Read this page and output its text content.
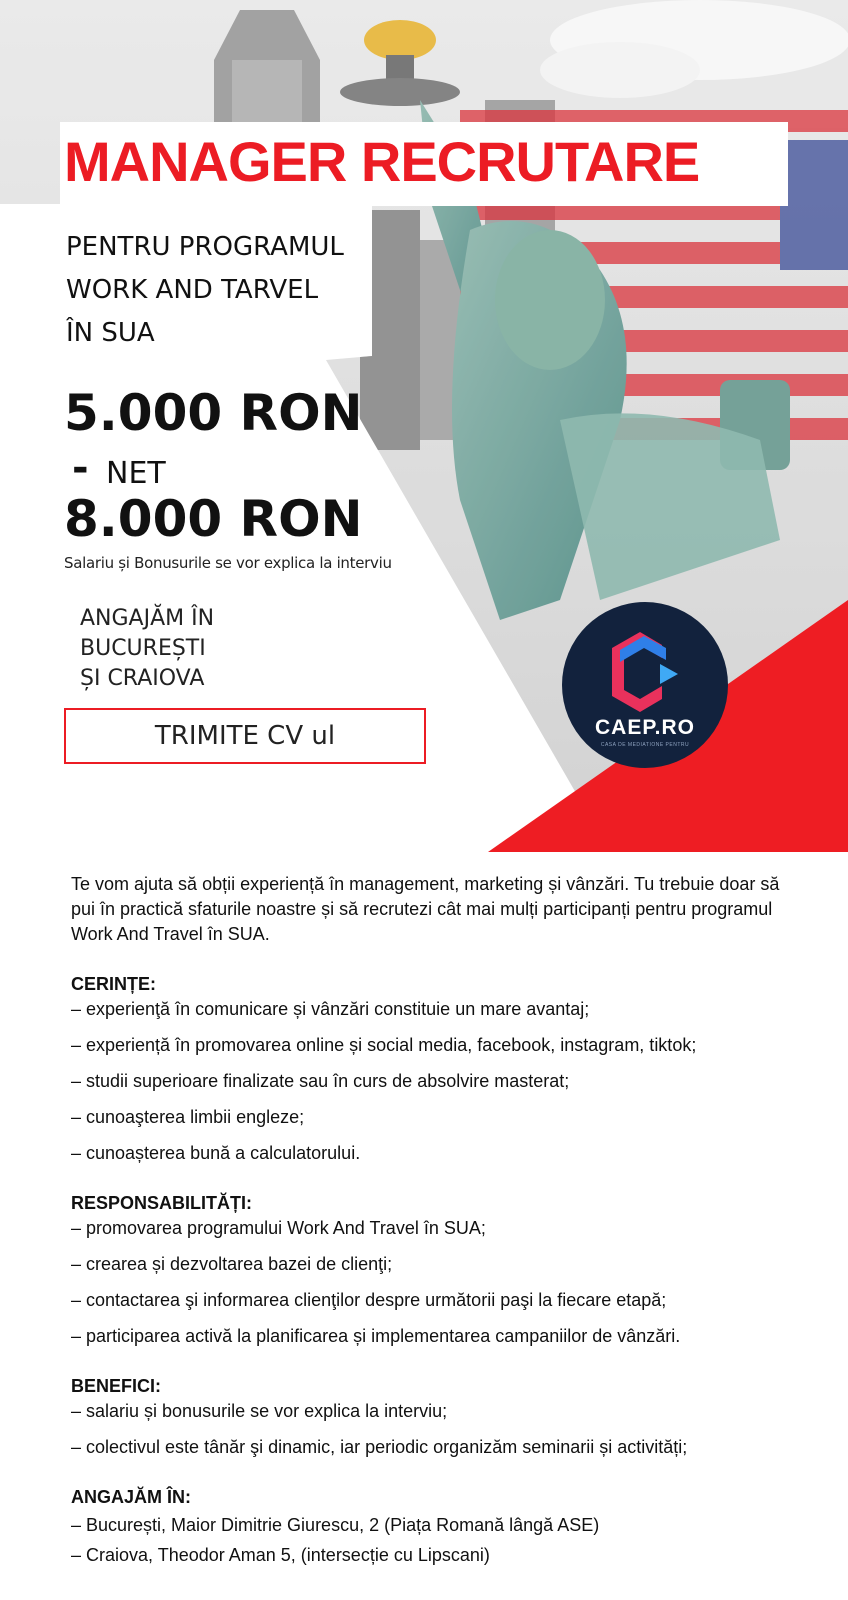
MANAGER RECRUTARE
PENTRU PROGRAMUL
WORK AND TARVEL
ÎN SUA
5.000 RON
- NET
8.000 RON
Salariu și Bonusurile se vor explica la interviu
ANGAJĂM ÎN
BUCUREȘTI
ȘI CRAIOVA
TRIMITE CV ul	CAEP.RO
CASA DE MEDIATIONE PENTRU

Te vom ajuta să obții experiență în management, marketing și vânzări. Tu trebuie doar să pui în practică sfaturile noastre și să recrutezi cât mai mulți participanți pentru programul Work And Travel în SUA.

CERINȚE:

– experienţă în comunicare și vânzări constituie un mare avantaj;

– experiență în promovarea online și social media, facebook, instagram, tiktok;

– studii superioare finalizate sau în curs de absolvire masterat;

– cunoaşterea limbii engleze;

– cunoașterea bună a calculatorului.

RESPONSABILITĂȚI:

– promovarea programului Work And Travel în SUA;

– crearea și dezvoltarea bazei de clienţi;

– contactarea şi informarea clienţilor despre următorii paşi la fiecare etapă;

– participarea activă la planificarea și implementarea campaniilor de vânzări.

BENEFICI:

– salariu și bonusurile se vor explica la interviu;

– colectivul este tânăr şi dinamic, iar periodic organizăm seminarii și activități;

ANGAJĂM ÎN:

– București, Maior Dimitrie Giurescu, 2 (Piața Romană lângă ASE)

– Craiova, Theodor Aman 5, (intersecție cu Lipscani)
